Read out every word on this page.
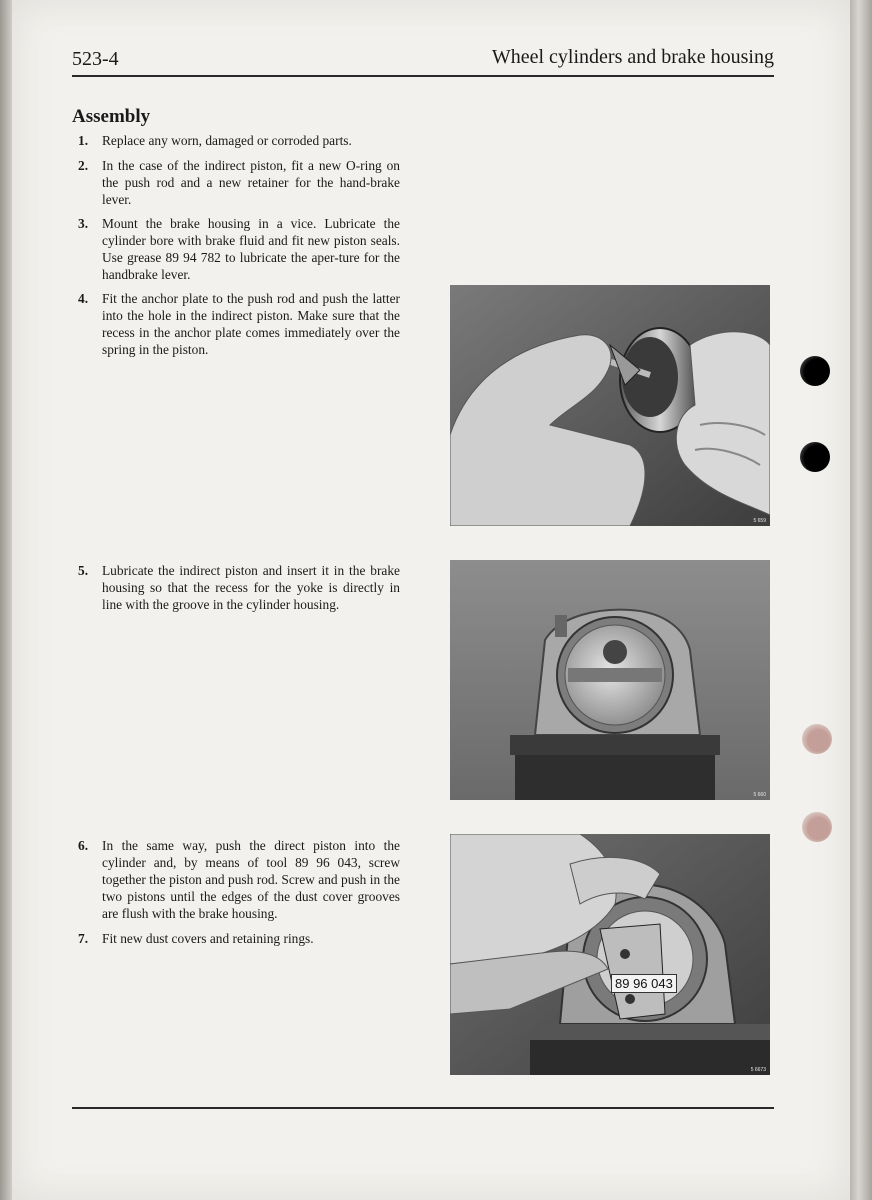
523-4	Wheel cylinders and brake housing
Assembly
1. Replace any worn, damaged or corroded parts.
2. In the case of the indirect piston, fit a new O-ring on the push rod and a new retainer for the hand-brake lever.
3. Mount the brake housing in a vice. Lubricate the cylinder bore with brake fluid and fit new piston seals. Use grease 89 94 782 to lubricate the aper-ture for the handbrake lever.
4. Fit the anchor plate to the push rod and push the latter into the hole in the indirect piston. Make sure that the recess in the anchor plate comes immediately over the spring in the piston.
5. Lubricate the indirect piston and insert it in the brake housing so that the recess for the yoke is directly in line with the groove in the cylinder housing.
6. In the same way, push the direct piston into the cylinder and, by means of tool 89 96 043, screw together the piston and push rod. Screw and push in the two pistons until the edges of the dust cover grooves are flush with the brake housing.
7. Fit new dust covers and retaining rings.
5 659
5 660
89 96 043
5 6673
